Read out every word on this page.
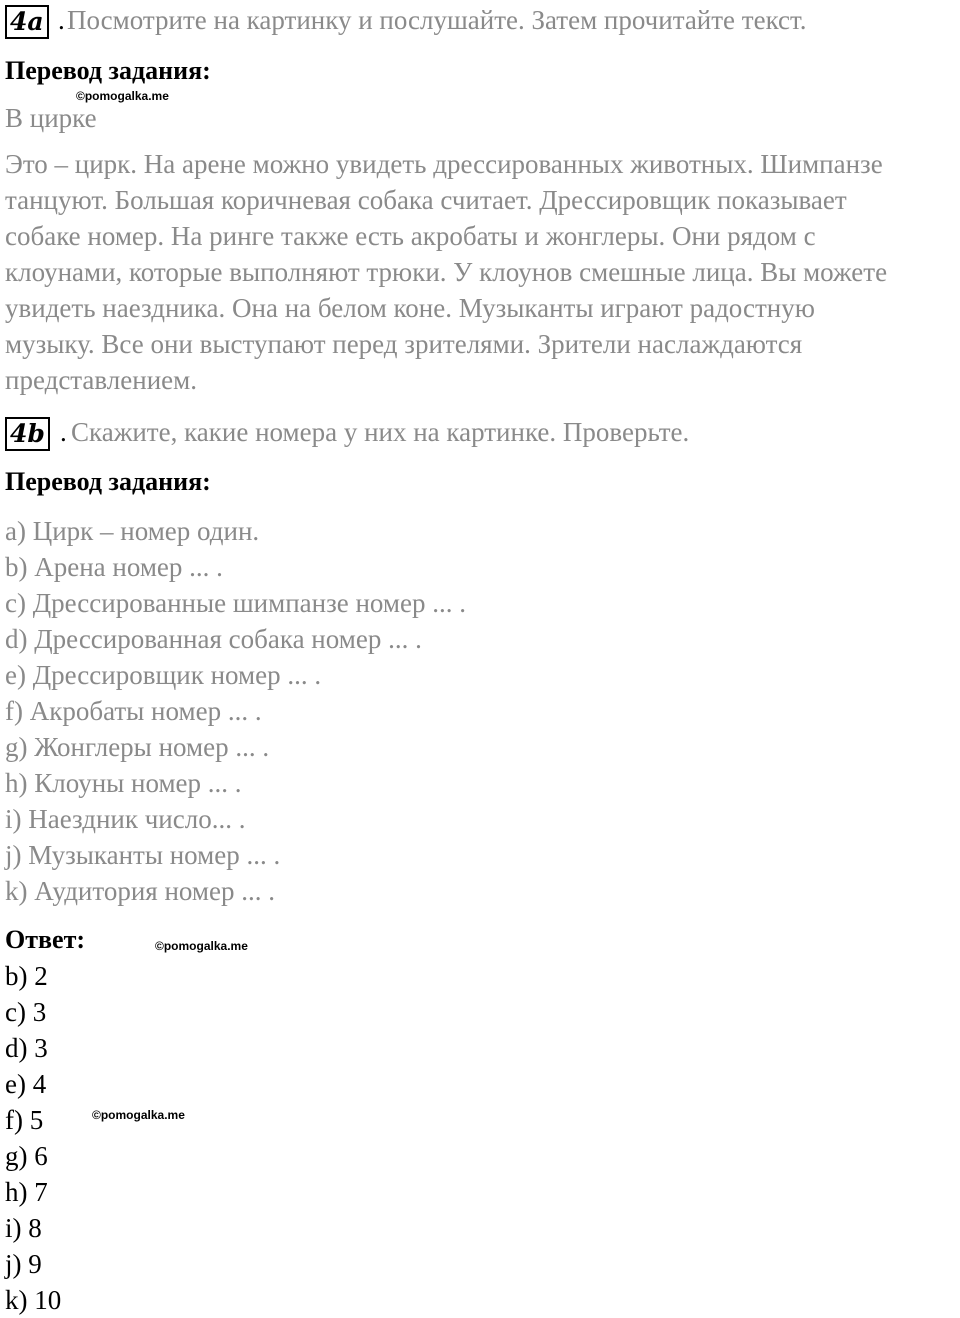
4a . Посмотрите на картинку и послушайте. Затем прочитайте текст.
Перевод задания:
©pomogalka.me
В цирке
Это – цирк. На арене можно увидеть дрессированных животных. Шимпанзе
танцуют. Большая коричневая собака считает. Дрессировщик показывает
собаке номер. На ринге также есть акробаты и жонглеры. Они рядом с
клоунами, которые выполняют трюки. У клоунов смешные лица. Вы можете
увидеть наездника. Она на белом коне. Музыканты играют радостную
музыку. Все они выступают перед зрителями. Зрители наслаждаются
представлением.
4b . Скажите, какие номера у них на картинке. Проверьте.
Перевод задания:
a) Цирк – номер один.
b) Арена номер ... .
c) Дрессированные шимпанзе номер ... .
d) Дрессированная собака номер ... .
e) Дрессировщик номер ... .
f) Акробаты номер ... .
g) Жонглеры номер ... .
h) Клоуны номер ... .
i) Наездник число... .
j) Музыканты номер ... .
k) Аудитория номер ... .
Ответ:	©pomogalka.me
b) 2
c) 3
d) 3
e) 4
f) 5
g) 6
h) 7
i) 8
j) 9
k) 10
©pomogalka.me
